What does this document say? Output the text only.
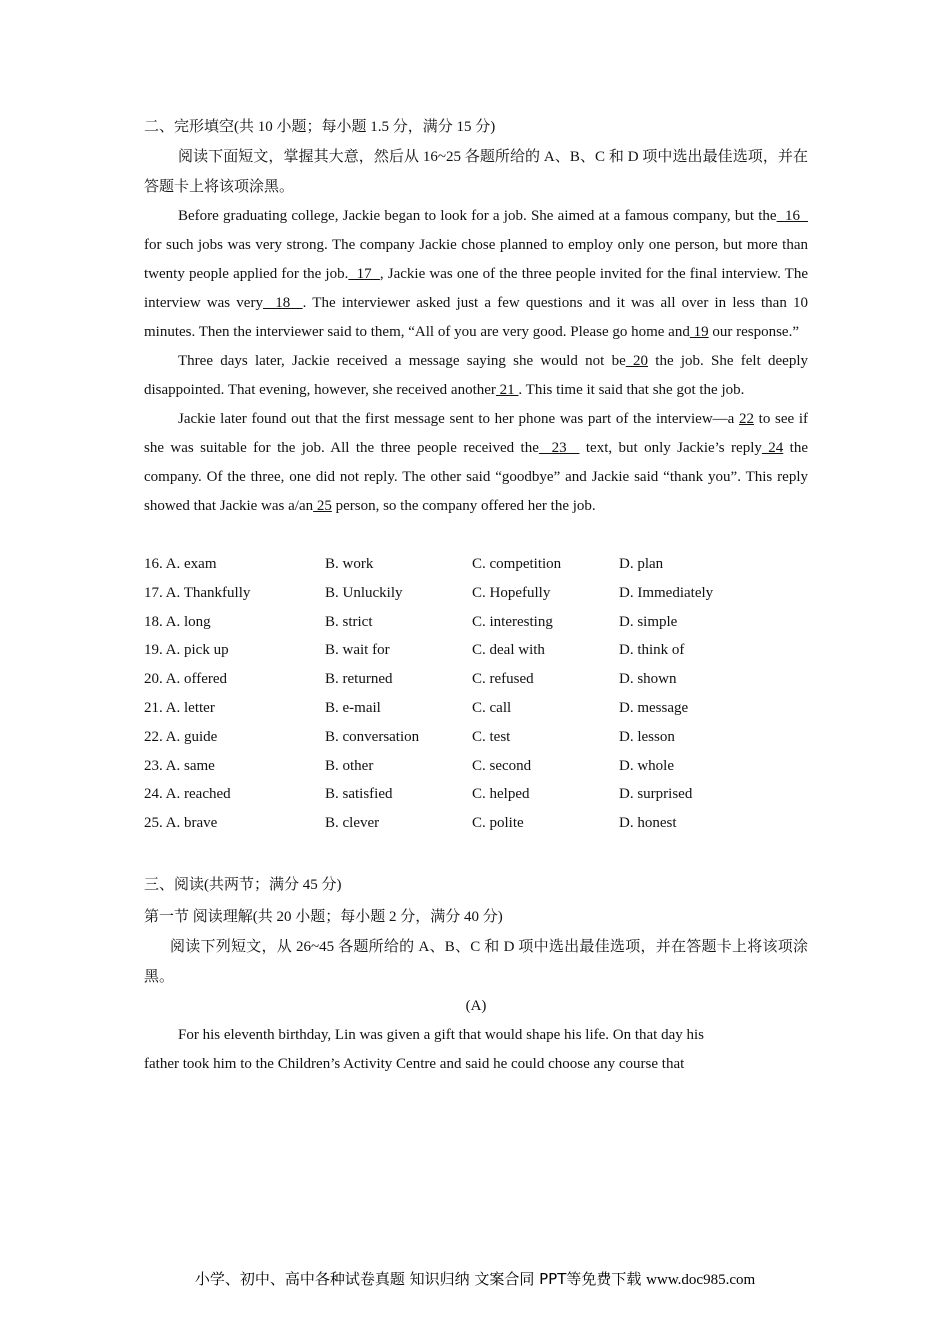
二、完形填空(共 10 小题；每小题 1.5 分，满分 15 分)

阅读下面短文，掌握其大意，然后从 16~25 各题所给的 A、B、C 和 D 项中选出最佳选项，并在答题卡上将该项涂黑。

Before graduating college, Jackie began to look for a job. She aimed at a famous company, but the  16   for such jobs was very strong. The company Jackie chose planned to employ only one person, but more than twenty people applied for the job.  17  , Jackie was one of the three people invited for the final interview. The interview was very  18  . The interviewer asked just a few questions and it was all over in less than 10 minutes. Then the interviewer said to them, “All of you are very good. Please go home and 19 our response.”

Three days later, Jackie received a message saying she would not be 20 the job. She felt deeply disappointed. That evening, however, she received another 21 . This time it said that she got the job.

Jackie later found out that the first message sent to her phone was part of the interview—a 22 to see if she was suitable for the job. All the three people received the  23   text, but only Jackie’s reply 24 the company. Of the three, one did not reply. The other said “goodbye” and Jackie said “thank you”. This reply showed that Jackie was a/an 25 person, so the company offered her the job.

16. A. exam	B. work	C. competition	D. plan
17. A. Thankfully	B. Unluckily	C. Hopefully	D. Immediately
18. A. long	B. strict	C. interesting	D. simple
19. A. pick up	B. wait for	C. deal with	D. think of
20. A. offered	B. returned	C. refused	D. shown
21. A. letter	B. e-mail	C. call	D. message
22. A. guide	B. conversation	C. test	D. lesson
23. A. same	B. other	C. second	D. whole
24. A. reached	B. satisfied	C. helped	D. surprised
25. A. brave	B. clever	C. polite	D. honest
三、阅读(共两节；满分 45 分)
第一节 阅读理解(共 20 小题；每小题 2 分，满分 40 分)

阅读下列短文，从 26~45 各题所给的 A、B、C 和 D 项中选出最佳选项，并在答题卡上将该项涂黑。

(A)
For his eleventh birthday, Lin was given a gift that would shape his life. On that day his
father took him to the Children’s Activity Centre and said he could choose any course that
小学、初中、高中各种试卷真题 知识归纳 文案合同 PPT等免费下载 www.doc985.com
